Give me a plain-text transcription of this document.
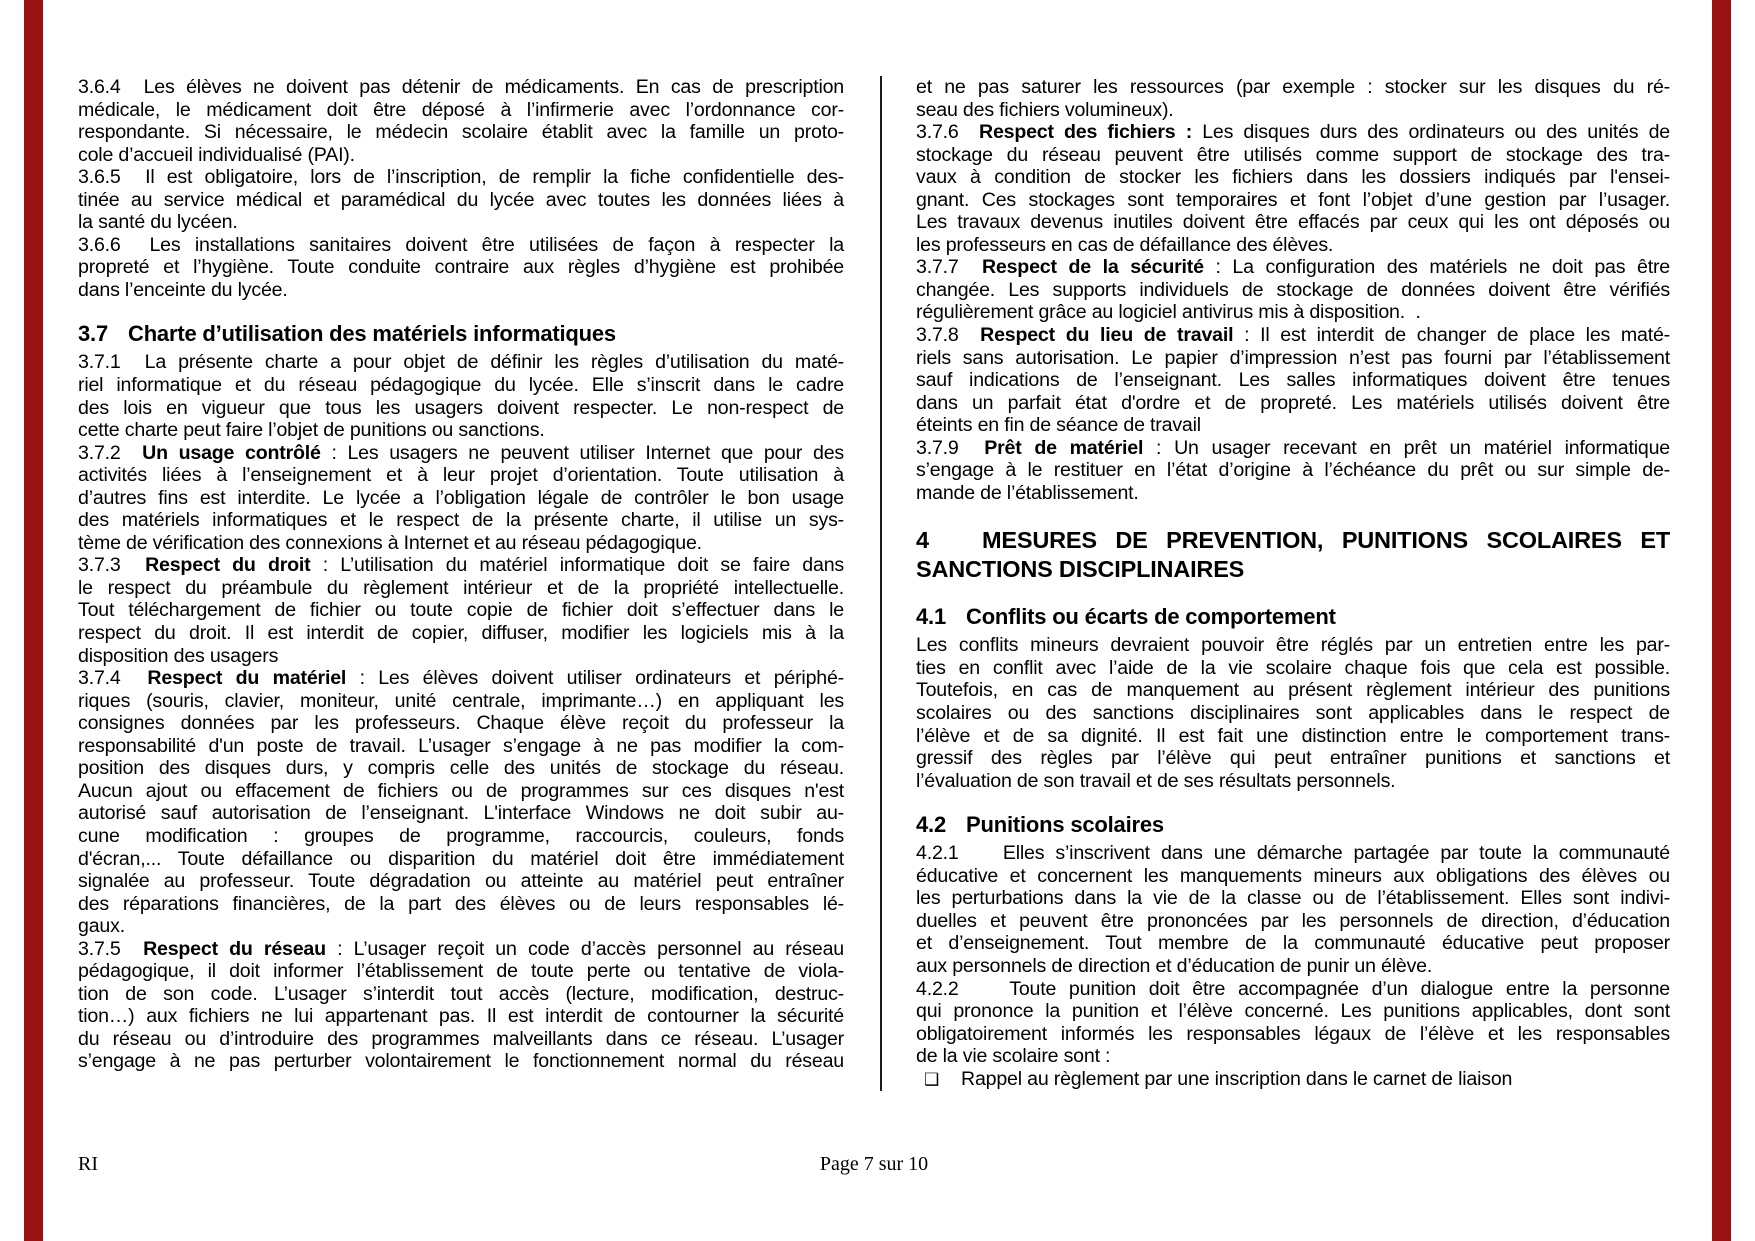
3.6.4  Les élèves ne doivent pas détenir de médicaments. En cas de prescription
médicale, le médicament doit être déposé à l’infirmerie avec l’ordonnance cor-
respondante. Si nécessaire, le médecin scolaire établit avec la famille un proto-
cole d’accueil individualisé (PAI).
3.6.5  Il est obligatoire, lors de l’inscription, de remplir la fiche confidentielle des-
tinée au service médical et paramédical du lycée avec toutes les données liées à
la santé du lycéen.
3.6.6  Les installations sanitaires doivent être utilisées de façon à respecter la
propreté et l’hygiène. Toute conduite contraire aux règles d’hygiène est prohibée
dans l’enceinte du lycée.
3.7 Charte d’utilisation des matériels informatiques
3.7.1  La présente charte a pour objet de définir les règles d’utilisation du maté-
riel informatique et du réseau pédagogique du lycée. Elle s’inscrit dans le cadre
des lois en vigueur que tous les usagers doivent respecter. Le non-respect de
cette charte peut faire l’objet de punitions ou sanctions.
3.7.2  Un usage contrôlé : Les usagers ne peuvent utiliser Internet que pour des
activités liées à l’enseignement et à leur projet d’orientation. Toute utilisation à
d’autres fins est interdite. Le lycée a l’obligation légale de contrôler le bon usage
des matériels informatiques et le respect de la présente charte, il utilise un sys-
tème de vérification des connexions à Internet et au réseau pédagogique.
3.7.3  Respect du droit : L’utilisation du matériel informatique doit se faire dans
le respect du préambule du règlement intérieur et de la propriété intellectuelle.
Tout téléchargement de fichier ou toute copie de fichier doit s’effectuer dans le
respect du droit. Il est interdit de copier, diffuser, modifier les logiciels mis à la
disposition des usagers
3.7.4  Respect du matériel : Les élèves doivent utiliser ordinateurs et périphé-
riques (souris, clavier, moniteur, unité centrale, imprimante…) en appliquant les
consignes données par les professeurs. Chaque élève reçoit du professeur la
responsabilité d'un poste de travail. L’usager s’engage à ne pas modifier la com-
position des disques durs, y compris celle des unités de stockage du réseau.
Aucun ajout ou effacement de fichiers ou de programmes sur ces disques n'est
autorisé sauf autorisation de l’enseignant. L'interface Windows ne doit subir au-
cune modification : groupes de programme, raccourcis, couleurs, fonds
d'écran,... Toute défaillance ou disparition du matériel doit être immédiatement
signalée au professeur. Toute dégradation ou atteinte au matériel peut entraîner
des réparations financières, de la part des élèves ou de leurs responsables lé-
gaux.
3.7.5  Respect du réseau : L’usager reçoit un code d’accès personnel au réseau
pédagogique, il doit informer l’établissement de toute perte ou tentative de viola-
tion de son code. L’usager s’interdit tout accès (lecture, modification, destruc-
tion…) aux fichiers ne lui appartenant pas. Il est interdit de contourner la sécurité
du réseau ou d’introduire des programmes malveillants dans ce réseau. L’usager
s’engage à ne pas perturber volontairement le fonctionnement normal du réseau
et ne pas saturer les ressources (par exemple : stocker sur les disques du ré-
seau des fichiers volumineux).
3.7.6  Respect des fichiers : Les disques durs des ordinateurs ou des unités de
stockage du réseau peuvent être utilisés comme support de stockage des tra-
vaux à condition de stocker les fichiers dans les dossiers indiqués par l'ensei-
gnant. Ces stockages sont temporaires et font l’objet d’une gestion par l’usager.
Les travaux devenus inutiles doivent être effacés par ceux qui les ont déposés ou
les professeurs en cas de défaillance des élèves.
3.7.7  Respect de la sécurité : La configuration des matériels ne doit pas être
changée. Les supports individuels de stockage de données doivent être vérifiés
régulièrement grâce au logiciel antivirus mis à disposition.  .
3.7.8  Respect du lieu de travail : Il est interdit de changer de place les maté-
riels sans autorisation. Le papier d’impression n’est pas fourni par l’établissement
sauf indications de l’enseignant. Les salles informatiques doivent être tenues
dans un parfait état d'ordre et de propreté. Les matériels utilisés doivent être
éteints en fin de séance de travail
3.7.9  Prêt de matériel : Un usager recevant en prêt un matériel informatique
s’engage à le restituer en l’état d’origine à l’échéance du prêt ou sur simple de-
mande de l’établissement.
4 MESURES DE PREVENTION, PUNITIONS SCOLAIRES ET
SANCTIONS DISCIPLINAIRES
4.1 Conflits ou écarts de comportement
Les conflits mineurs devraient pouvoir être réglés par un entretien entre les par-
ties en conflit avec l’aide de la vie scolaire chaque fois que cela est possible.
Toutefois, en cas de manquement au présent règlement intérieur des punitions
scolaires ou des sanctions disciplinaires sont applicables dans le respect de
l’élève et de sa dignité. Il est fait une distinction entre le comportement trans-
gressif des règles par l’élève qui peut entraîner punitions et sanctions et
l’évaluation de son travail et de ses résultats personnels.
4.2 Punitions scolaires
4.2.1    Elles s’inscrivent dans une démarche partagée par toute la communauté
éducative et concernent les manquements mineurs aux obligations des élèves ou
les perturbations dans la vie de la classe ou de l’établissement. Elles sont indivi-
duelles et peuvent être prononcées par les personnels de direction, d’éducation
et d’enseignement. Tout membre de la communauté éducative peut proposer
aux personnels de direction et d’éducation de punir un élève.
4.2.2    Toute punition doit être accompagnée d’un dialogue entre la personne
qui prononce la punition et l’élève concerné. Les punitions applicables, dont sont
obligatoirement informés les responsables légaux de l’élève et les responsables
de la vie scolaire sont :
❑ Rappel au règlement par une inscription dans le carnet de liaison
RI	Page 7 sur 10
